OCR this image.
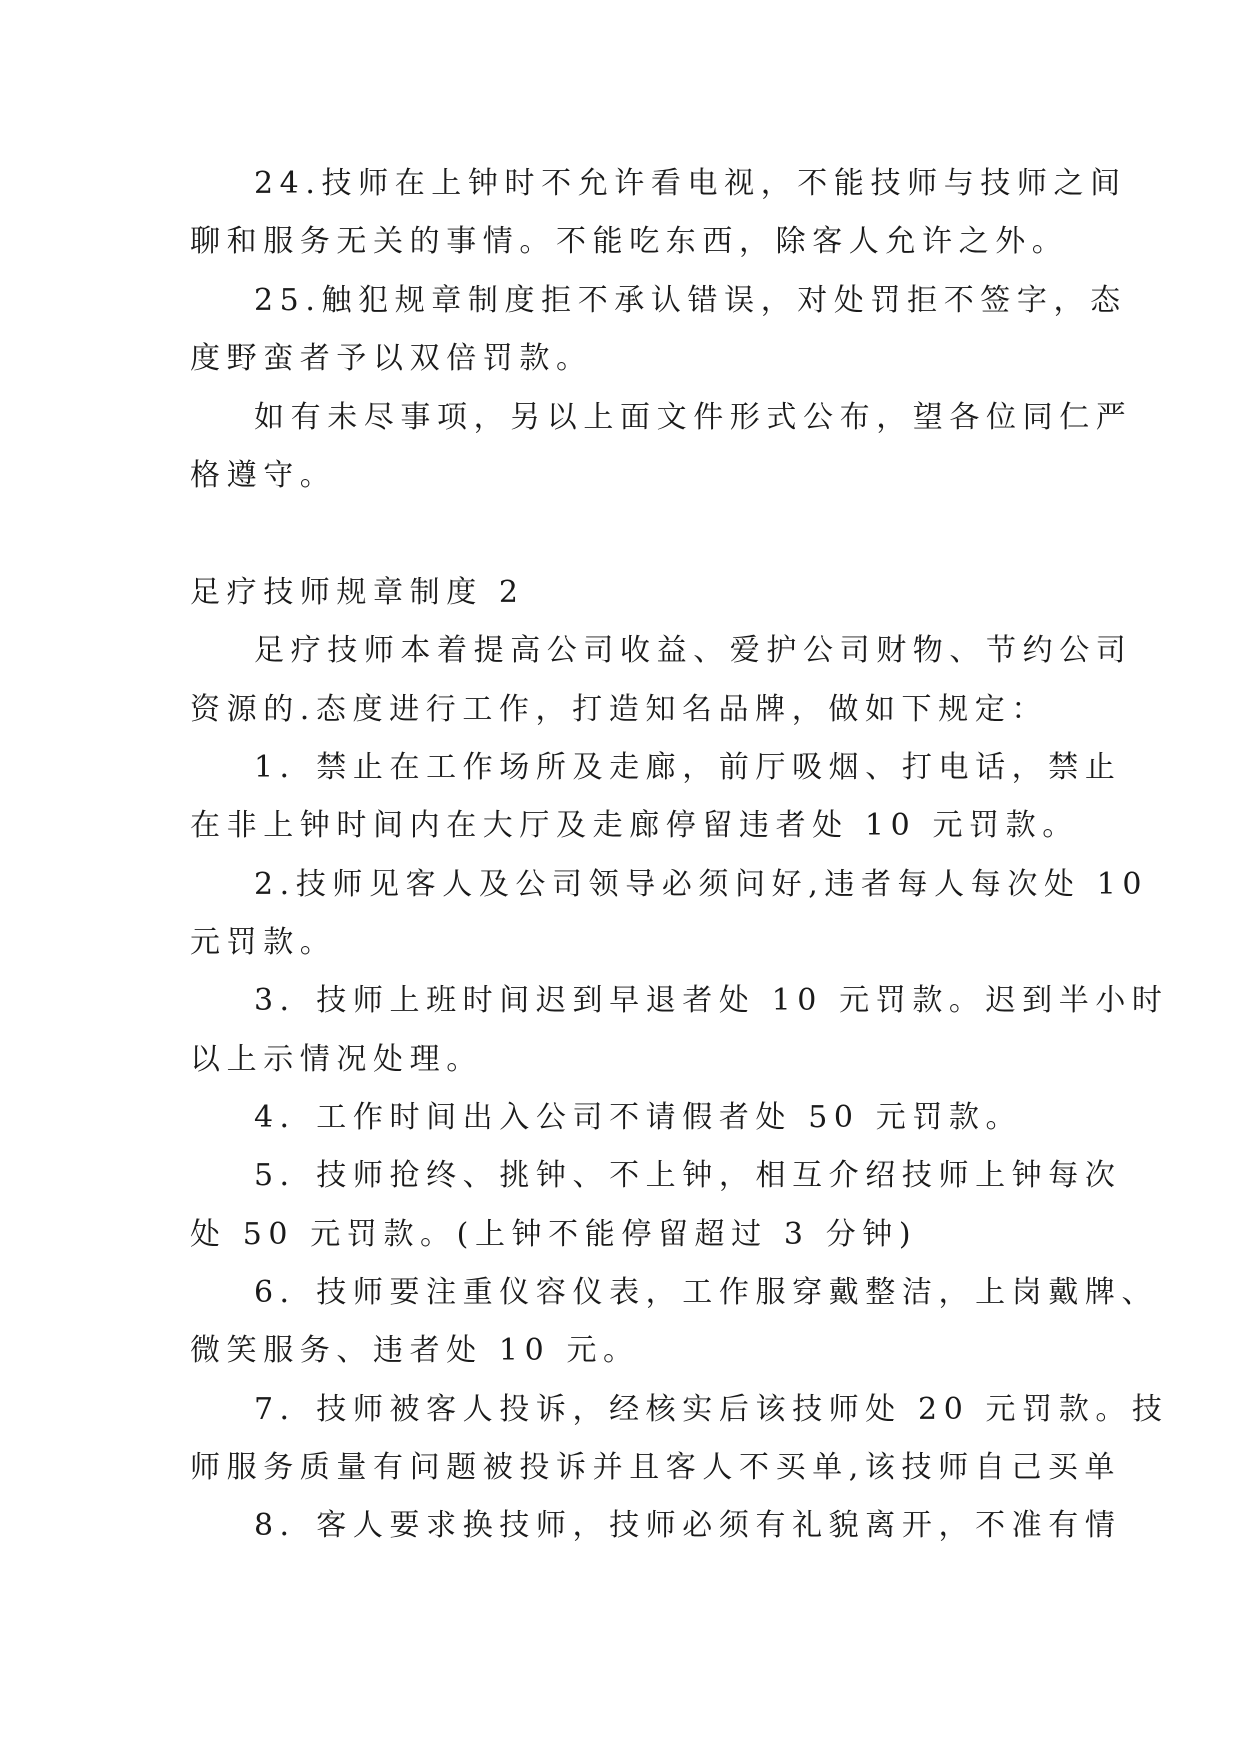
24.技师在上钟时不允许看电视，不能技师与技师之间
聊和服务无关的事情。不能吃东西，除客人允许之外。
25.触犯规章制度拒不承认错误，对处罚拒不签字，态
度野蛮者予以双倍罚款。
如有未尽事项，另以上面文件形式公布，望各位同仁严
格遵守。
足疗技师规章制度 2
足疗技师本着提高公司收益、爱护公司财物、节约公司
资源的.态度进行工作，打造知名品牌，做如下规定：
1．禁止在工作场所及走廊，前厅吸烟、打电话，禁止
在非上钟时间内在大厅及走廊停留违者处 10 元罚款。
2.技师见客人及公司领导必须问好,违者每人每次处 10
元罚款。
3．技师上班时间迟到早退者处 10 元罚款。迟到半小时
以上示情况处理。
4．工作时间出入公司不请假者处 50 元罚款。
5．技师抢终、挑钟、不上钟，相互介绍技师上钟每次
处 50 元罚款。(上钟不能停留超过 3 分钟)
6．技师要注重仪容仪表，工作服穿戴整洁，上岗戴牌、
微笑服务、违者处 10 元。
7．技师被客人投诉，经核实后该技师处 20 元罚款。技
师服务质量有问题被投诉并且客人不买单,该技师自己买单
8．客人要求换技师，技师必须有礼貌离开，不准有情
